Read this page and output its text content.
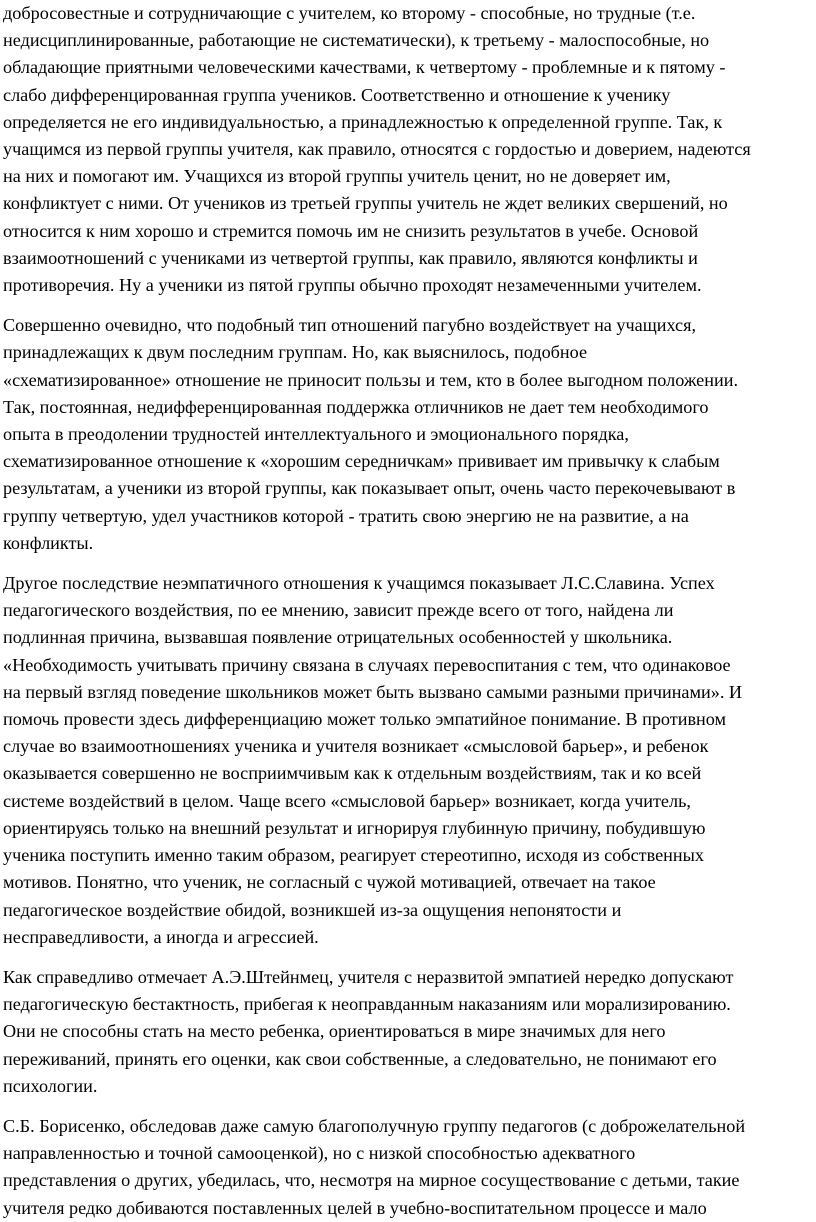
добросовестные и сотрудничающие с учителем, ко второму - способные, но трудные (т.е.
недисциплинированные, работающие не систематически), к третьему - малоспособные, но
обладающие приятными человеческими качествами, к четвертому - проблемные и к пятому -
слабо дифференцированная группа учеников. Соответственно и отношение к ученику
определяется не его индивидуальностью, а принадлежностью к определенной группе. Так, к
учащимся из первой группы учителя, как правило, относятся с гордостью и доверием, надеются
на них и помогают им. Учащихся из второй группы учитель ценит, но не доверяет им,
конфликтует с ними. От учеников из третьей группы учитель не ждет великих свершений, но
относится к ним хорошо и стремится помочь им не снизить результатов в учебе. Основой
взаимоотношений с учениками из четвертой группы, как правило, являются конфликты и
противоречия. Ну а ученики из пятой группы обычно проходят незамеченными учителем.

Совершенно очевидно, что подобный тип отношений пагубно воздействует на учащихся,
принадлежащих к двум последним группам. Но, как выяснилось, подобное
«схематизированное» отношение не приносит пользы и тем, кто в более выгодном положении.
Так, постоянная, недифференцированная поддержка отличников не дает тем необходимого
опыта в преодолении трудностей интеллектуального и эмоционального порядка,
схематизированное отношение к «хорошим середничкам» прививает им привычку к слабым
результатам, а ученики из второй группы, как показывает опыт, очень часто перекочевывают в
группу четвертую, удел участников которой - тратить свою энергию не на развитие, а на
конфликты.

Другое последствие неэмпатичного отношения к учащимся показывает Л.С.Славина. Успех
педагогического воздействия, по ее мнению, зависит прежде всего от того, найдена ли
подлинная причина, вызвавшая появление отрицательных особенностей у школьника.
«Необходимость учитывать причину связана в случаях перевоспитания с тем, что одинаковое
на первый взгляд поведение школьников может быть вызвано самыми разными причинами». И
помочь провести здесь дифференциацию может только эмпатийное понимание. В противном
случае во взаимоотношениях ученика и учителя возникает «смысловой барьер», и ребенок
оказывается совершенно не восприимчивым как к отдельным воздействиям, так и ко всей
системе воздействий в целом. Чаще всего «смысловой барьер» возникает, когда учитель,
ориентируясь только на внешний результат и игнорируя глубинную причину, побудившую
ученика поступить именно таким образом, реагирует стереотипно, исходя из собственных
мотивов. Понятно, что ученик, не согласный с чужой мотивацией, отвечает на такое
педагогическое воздействие обидой, возникшей из-за ощущения непонятости и
несправедливости, а иногда и агрессией.

Как справедливо отмечает А.Э.Штейнмец, учителя с неразвитой эмпатией нередко допускают
педагогическую бестактность, прибегая к неоправданным наказаниям или морализированию.
Они не способны стать на место ребенка, ориентироваться в мире значимых для него
переживаний, принять его оценки, как свои собственные, а следовательно, не понимают его
психологии.

С.Б. Борисенко, обследовав даже самую благополучную группу педагогов (с доброжелательной
направленностью и точной самооценкой), но с низкой способностью адекватного
представления о других, убедилась, что, несмотря на мирное сосуществование с детьми, такие
учителя редко добиваются поставленных целей в учебно-воспитательном процессе и мало
